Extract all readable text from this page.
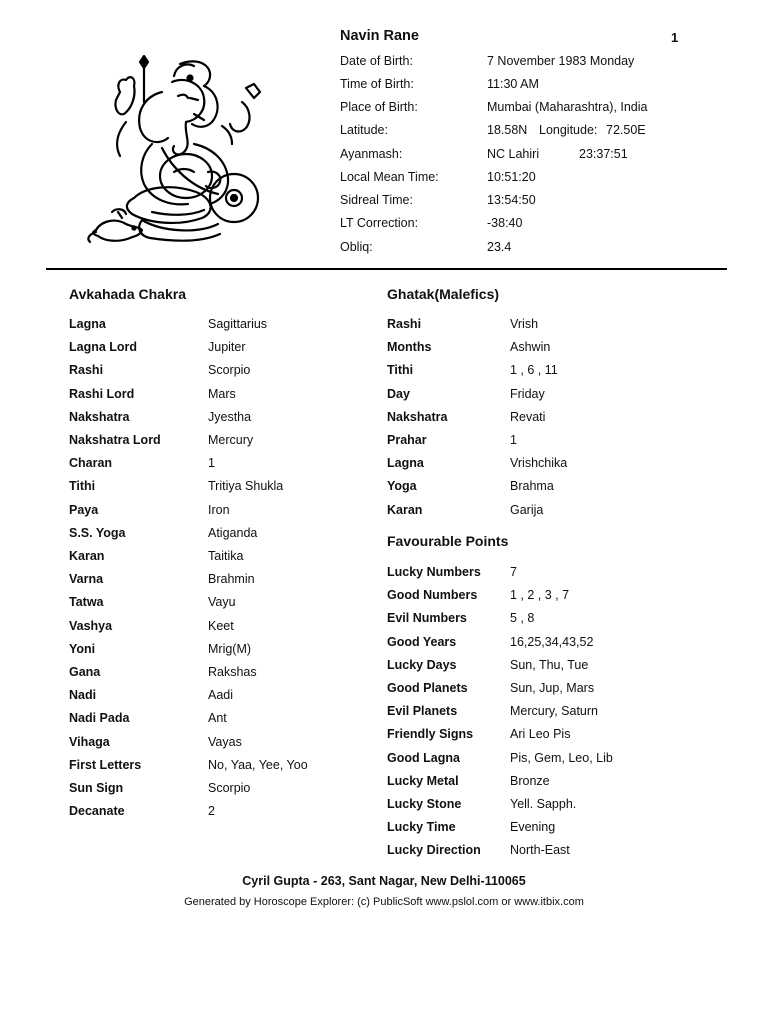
Navin Rane	1
Date of Birth:	7 November 1983 Monday
Time of Birth:	11:30 AM
Place of Birth:	Mumbai (Maharashtra), India
Latitude:	18.58N Longitude: 72.50E
Ayanmash:	NC Lahiri	23:37:51
Local Mean Time:	10:51:20
Sidreal Time:	13:54:50
LT Correction:	-38:40
Obliq:	23.4
Avkahada Chakra	Ghatak(Malefics)
Favourable Points
Lagna	Sagittarius
Lagna Lord	Jupiter
Rashi	Scorpio
Rashi Lord	Mars
Nakshatra	Jyestha
Nakshatra Lord	Mercury
Charan	1
Tithi	Tritiya Shukla
Paya	Iron
S.S. Yoga	Atiganda
Karan	Taitika
Varna	Brahmin
Tatwa	Vayu
Vashya	Keet
Yoni	Mrig(M)
Gana	Rakshas
Nadi	Aadi
Nadi Pada	Ant
Vihaga	Vayas
First Letters	No, Yaa, Yee, Yoo
Sun Sign	Scorpio
Decanate	2
Rashi	Vrish
Months	Ashwin
Tithi	1 , 6 , 11
Day	Friday
Nakshatra	Revati
Prahar	1
Lagna	Vrishchika
Yoga	Brahma
Karan	Garija
Lucky Numbers 7
Good Numbers	1 , 2 , 3 , 7
Evil Numbers	5 , 8
Good Years	16,25,34,43,52
Lucky Days	Sun, Thu, Tue
Good Planets	Sun, Jup, Mars
Evil Planets	Mercury, Saturn
Friendly Signs	Ari Leo Pis
Good Lagna	Pis, Gem, Leo, Lib
Lucky Metal	Bronze
Lucky Stone	Yell. Sapph.
Lucky Time	Evening
Lucky Direction North-East
Cyril Gupta - 263, Sant Nagar, New Delhi-110065
Generated by Horoscope Explorer: (c) PublicSoft www.pslol.com or www.itbix.com
